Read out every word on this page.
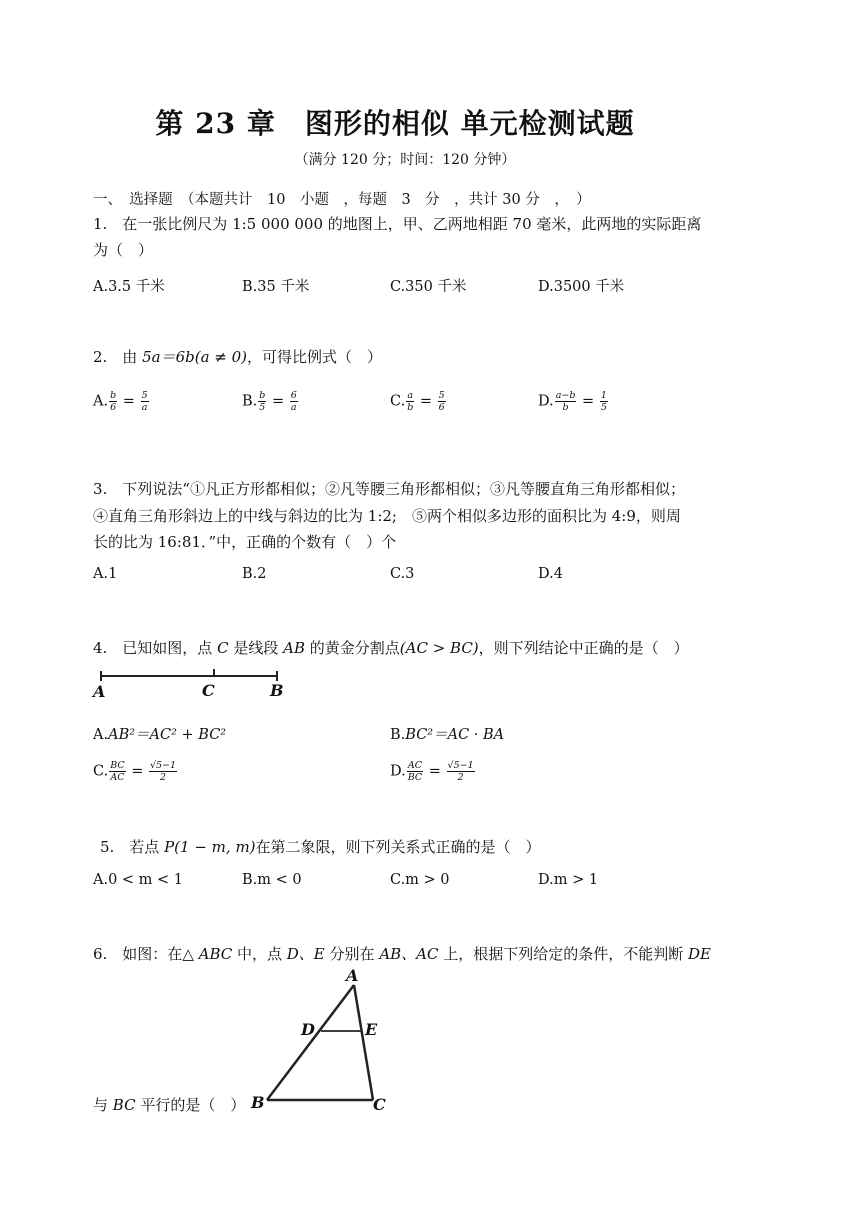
第 23 章　图形的相似 单元检测试题
（满分 120 分；时间：120 分钟）
一、　选择题　（本题共计　10　小题　，每题　3　分　，共计 30 分　，　）
1.　在一张比例尺为 1:5 000 000 的地图上，甲、乙两地相距 70 毫米，此两地的实际距离
为（　）
A.3.5 千米	B.35 千米	C.350 千米	D.3500 千米
2.　由 5a＝6b(a ≠ 0)，可得比例式（　）
A. $\frac{b}{6} = \frac{5}{a}$	B. $\frac{b}{5} = \frac{6}{a}$	C. $\frac{a}{b} = \frac{5}{6}$	D. $\frac{a-b}{b} = \frac{1}{5}$
3.　下列说法“①凡正方形都相似；②凡等腰三角形都相似；③凡等腰直角三角形都相似；
④直角三角形斜边上的中线与斜边的比为 1:2;　⑤两个相似多边形的面积比为 4:9，则周
长的比为 16:81．”中，正确的个数有（　）个
A.1	B.2	C.3	D.4
4.　已知如图，点 C 是线段 AB 的黄金分割点(AC > BC)，则下列结论中正确的是（　）
A	C	B
A.AB²＝AC² + BC²	B.BC²＝AC · BA
C. $\frac{BC}{AC} = \frac{√5-1}{2}$	D. $\frac{AC}{BC} = \frac{√5-1}{2}$
5.　若点 P(1 − m, m)在第二象限，则下列关系式正确的是（　）
A.0 < m < 1	B.m < 0	C.m > 0	D.m > 1
6.　如图：在△ ABC 中，点 D、E 分别在 AB、AC 上，根据下列给定的条件，不能判断 DE
A
D	E
B	C
与 BC 平行的是（　）
